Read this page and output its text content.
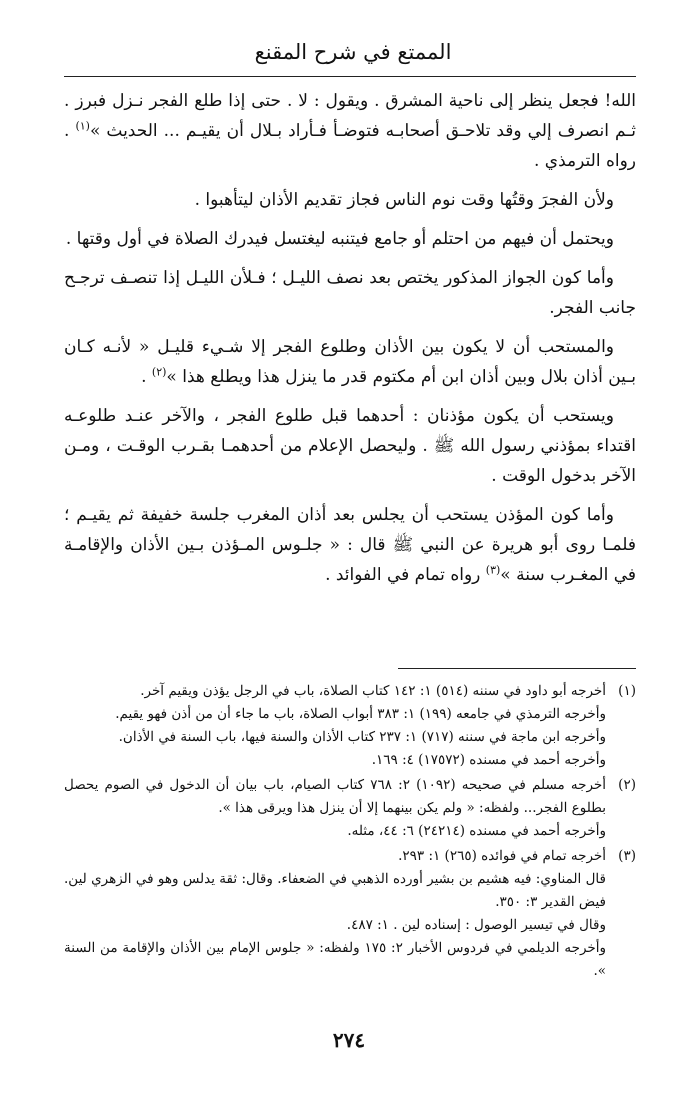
الممتع في شرح المقنع

الله! فجعل ينظر إلى ناحية المشرق . ويقول : لا . حتى إذا طلع الفجر نـزل فبرز . ثـم انصرف إلي وقد تلاحـق أصحابـه فتوضـأ فـأراد بـلال أن يقيـم ... الحديث »$^{(١)}$ . رواه الترمذي .

ولأن الفجرَ وقتُها وقت نوم الناس فجاز تقديم الأذان ليتأهبوا .

ويحتمل أن فيهم من احتلم أو جامع فيتنبه ليغتسل فيدرك الصلاة في أول وقتها .

وأما كون الجواز المذكور يختص بعد نصف الليـل ؛ فـلأن الليـل إذا تنصـف ترجـح جانب الفجر.

والمستحب أن لا يكون بين الأذان وطلوع الفجر إلا شـيء قليـل « لأنـه كـان بـين أذان بلال وبين أذان ابن أم مكتوم قدر ما ينزل هذا ويطلع هذا »$^{(٢)}$ .

ويستحب أن يكون مؤذنان : أحدهما قبل طلوع الفجر ، والآخر عنـد طلوعـه اقتداء بمؤذني رسول الله ﷺ . وليحصل الإعلام من أحدهمـا بقـرب الوقـت ، ومـن الآخر بدخول الوقت .

وأما كون المؤذن يستحب أن يجلس بعد أذان المغرب جلسة خفيفة ثم يقيـم ؛ فلمـا روى أبو هريرة عن النبي ﷺ قال : « جلـوس المـؤذن بـين الأذان والإقامـة في المغـرب سنة »$^{(٣)}$ رواه تمام في الفوائد .

(١)
أخرجه أبو داود في سننه (٥١٤) ١: ١٤٢ كتاب الصلاة، باب في الرجل يؤذن ويقيم آخر.
وأخرجه الترمذي في جامعه (١٩٩) ١: ٣٨٣ أبواب الصلاة، باب ما جاء أن من أذن فهو يقيم.
وأخرجه ابن ماجة في سننه (٧١٧) ١: ٢٣٧ كتاب الأذان والسنة فيها، باب السنة في الأذان.
وأخرجه أحمد في مسنده (١٧٥٧٢) ٤: ١٦٩.
(٢)
أخرجه مسلم في صحيحه (١٠٩٢) ٢: ٧٦٨ كتاب الصيام، باب بيان أن الدخول في الصوم يحصل بطلوع الفجر... ولفظه: « ولم يكن بينهما إلا أن ينزل هذا ويرقى هذا ».
وأخرجه أحمد في مسنده (٢٤٢١٤) ٦: ٤٤، مثله.
(٣)
أخرجه تمام في فوائده (٢٦٥) ١: ٢٩٣.
قال المناوي: فيه هشيم بن بشير أورده الذهبي في الضعفاء. وقال: ثقة يدلس وهو في الزهري لين. فيض القدير ٣: ٣٥٠.
وقال في تيسير الوصول : إسناده لين . ١: ٤٨٧.
وأخرجه الديلمي في فردوس الأخبار ٢: ١٧٥ ولفظه: « جلوس الإمام بين الأذان والإقامة من السنة ».
٢٧٤
